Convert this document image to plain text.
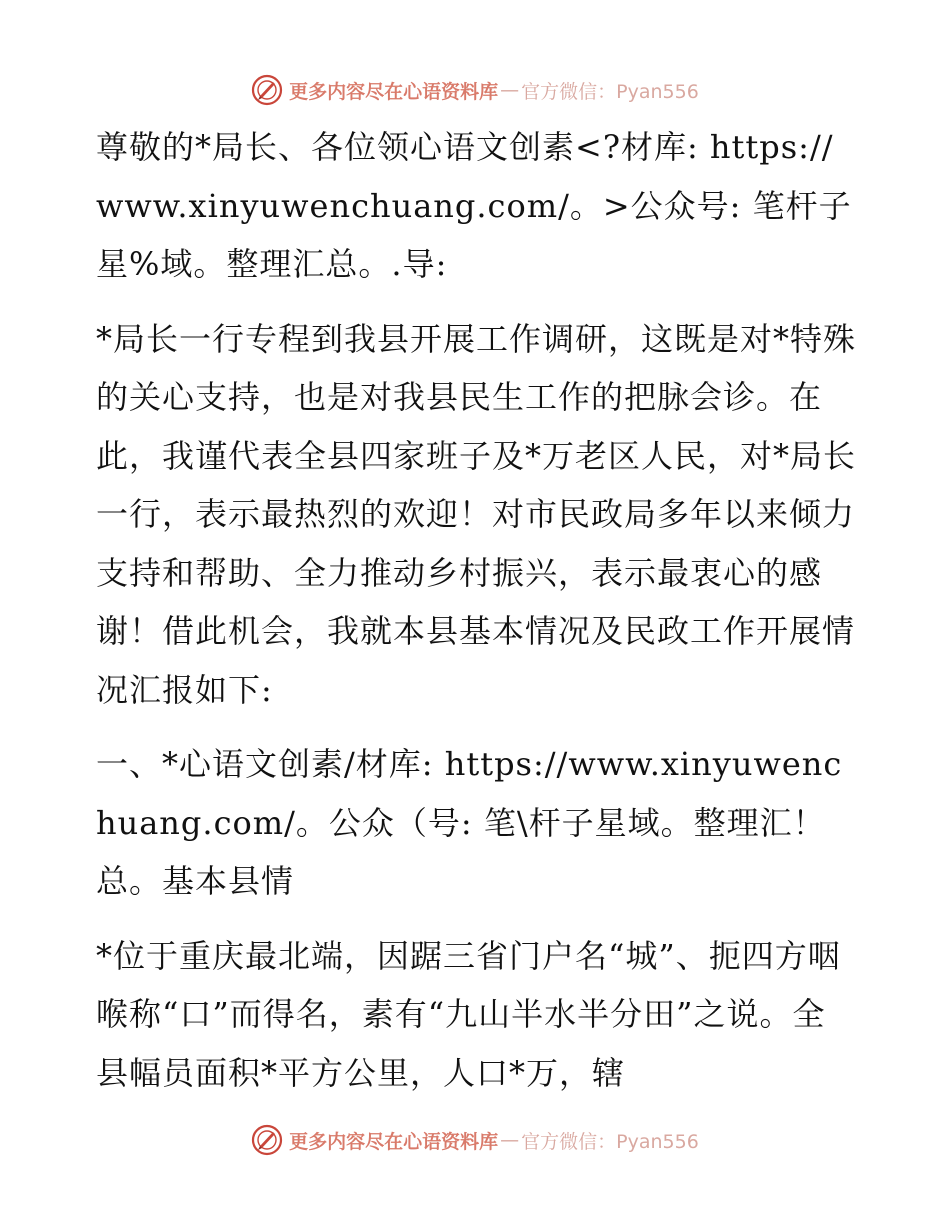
更多内容尽在心语资料库 — 官方微信：Pyan556

尊敬的*局长、各位领心语文创素<?材库: https://www.xinyuwenchuang.com/。>公众号: 笔杆子星%域。整理汇总。.导:

*局长一行专程到我县开展工作调研，这既是对*特殊的关心支持，也是对我县民生工作的把脉会诊。在此，我谨代表全县四家班子及*万老区人民，对*局长一行，表示最热烈的欢迎！对市民政局多年以来倾力支持和帮助、全力推动乡村振兴，表示最衷心的感谢！借此机会，我就本县基本情况及民政工作开展情况汇报如下:

一、*心语文创素/材库: https://www.xinyuwenchuang.com/。公众（号: 笔\杆子星域。整理汇！总。基本县情

*位于重庆最北端，因踞三省门户名“城”、扼四方咽喉称“口”而得名，素有“九山半水半分田”之说。全县幅员面积*平方公里，人口*万，辖

更多内容尽在心语资料库 — 官方微信：Pyan556
